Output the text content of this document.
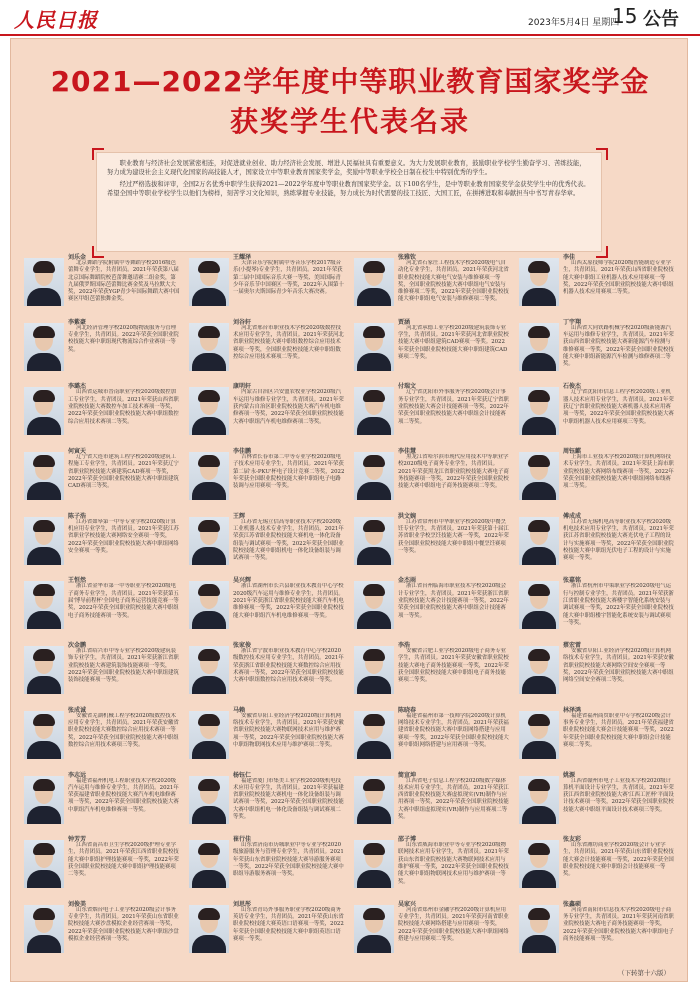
人民日报	2023年5月4日 星期四
15 公告
2021—2022学年度中等职业教育国家奖学金
获奖学生代表名录

职业教育与经济社会发展紧密相连，对促进就业创业、助力经济社会发展、增进人民福祉具有重要意义。为大力发展职业教育，鼓励职业学校学生勤奋学习、苦练技能，努力成为建设社会主义现代化国家的高技能人才，国家设立中等职业教育国家奖学金，奖励中等职业学校全日制在校生中特别优秀的学生。

经过严格选拔和评审，全国2万名优秀中职学生获得2021—2022学年度中等职业教育国家奖学金。以下100名学生，是中等职业教育国家奖学金获奖学生中的优秀代表。希望全国中等职业学校学生以他们为榜样，刻苦学习文化知识，熟练掌握专业技能，努力成长为时代需要的技工技匠、大国工匠，在拼搏进取和奉献担当中书写青春华章。

刘乐金
北京舞蹈学院附属中等舞蹈学校2016级芭蕾舞专业学生，共青团员。2021年荣获第八届北京国际舞蹈院校芭蕾舞邀请赛二组金奖，第九届俄罗斯国际芭蕾舞比赛金奖及马拉默大大奖，2022年荣获YGP青少年国际舞蹈大赛中国赛区甲组芭蕾独舞金奖。
王耀泽
天津音乐学院附属中等音乐学校2017级音乐(小提琴)专业学生，共青团员。2021年荣获第二届中国国际音乐大赛一等奖、美国国际青少年音乐节中国赛区一等奖，2022年入围第十一届奥尔夫斯国际青少年音乐大赛决赛。
张雅钦
河北省石家庄工程技术学校2020级电气自动化专业学生，共青团员。2021年荣获河北省职业院校技能大赛电气安装与维修赛项一等奖，全国职业院校技能大赛中职组电气安装与维修赛项二等奖，2022年荣获全国职业院校技能大赛中职组电气安装与维修赛项二等奖。
李佳
山西太原技师学院2020级智能制造专业学生，共青团员。2021年荣获山西省职业院校技能大赛中职组工业机器人技术应用赛项一等奖，2022年荣获全国职业院校技能大赛中职组机器人技术应用赛项二等奖。
李紫豪
河北经济管理学校2020级物流服务与管理专业学生，共青团员。2022年荣获全国职业院校技能大赛中职组现代物流综合作业赛项一等奖。
刘谷轩
河北省邢台市职业技术学校2020级数控技术应用专业学生，共青团员。2021年荣获河北省职业院校技能大赛中职组数控综合应用技术赛项一等奖，全国职业院校技能大赛中职组数控综合应用技术赛项二等奖。
贾涵
河北省承德工业学校2020级建筑装饰专业学生，共青团员。2021年荣获河北省职业院校技能大赛中职组建筑CAD赛项一等奖。2022年荣获全国职业院校技能大赛中职组建筑CAD赛项二等奖。
丁宇翔
山西省大同铁路机械学校2020级新能源汽车运用与维修专业学生，共青团员。2021年荣获山西省职业院校技能大赛新能源汽车检测与维修赛项一等奖，2022年荣获全国职业院校技能大赛中职组新能源汽车检测与维修赛项二等奖。
李璐杰
山西省运城市晋南职业学校2020级数控加工专业学生，共青团员。2021年荣获山西省职业院校技能大赛数控车加工技术赛项一等奖，2022年荣获全国职业院校技能大赛中职组数控综合应用技术赛项二等奖。
康明轩
内蒙古自治区兴安盟农牧业学校2020级汽车运用与维修专业学生，共青团员。2021年荣获内蒙古自治区职业院校技能大赛汽车机电维修赛项一等奖，2022年荣获全国职业院校技能大赛中职组汽车机电维修赛项二等奖。
付瑞文
辽宁省沈阳市外事服务学校2020级会计事务专业学生，共青团员。2021年荣获辽宁省职业院校技能大赛会计技能赛项一等奖，2022年荣获全国职业院校技能大赛中职组会计技能赛项二等奖。
石俊杰
辽宁省沈阳市信息工程学校2020级工业机器人技术应用专业学生，共青团员。2021年荣获辽宁省职业院校技能大赛机器人技术应用赛项一等奖，2022年荣获全国职业院校技能大赛中职组机器人技术应用赛项三等奖。
何寅天
辽宁省大连市建筑工程学校2020级建筑工程施工专业学生，共青团员。2021年荣获辽宁省职业院校技能大赛建筑CAD赛项一等奖，2022年荣获全国职业院校技能大赛中职组建筑CAD赛项三等奖。
李佳鹏
吉林省长春市第二中等专业学校2020级电子技术应用专业学生，共青团员。2021年荣获第二届'永-PKU'杯电子设计竞赛二等奖，2022年荣获全国职业院校技能大赛中职组电子电路装调与应用赛项一等奖。
李佳慧
黑龙江省哈尔滨市现代应用技术中等职业学校2020级电子商务专业学生，共青团员。2021年荣获黑龙江省职业院校技能大赛电子商务技能赛项一等奖，2022年荣获全国职业院校技能大赛中职组电子商务技能赛项二等奖。
周钰麒
上海市工业技术学校2020级计算机网络技术专业学生，共青团员。2021年荣获上海市职业院校技能大赛网络布线赛项一等奖，2022年荣获全国职业院校技能大赛中职组网络布线赛项二等奖。
陈子浩
江苏省如皋第一中等专业学校2020级计算机应用专业学生，共青团员。2021年荣获江苏省职业学校技能大赛网络安全赛项一等奖，2022年荣获全国职业院校技能大赛中职组网络安全赛项一等奖。
王辉
江苏省无锡立信高等职业技术学校2020级工业机器人技术专业学生，共青团员。2021年荣获江苏省职业院校技能大赛机电一体化设备组装与调试赛项一等奖，2022年荣获全国职业院校技能大赛中职组机电一体化设备组装与调试赛项一等奖。
洪文婉
江苏省常州市中华职业学校2020级中餐烹饪专业学生，共青团员。2021年荣获第十届江苏省职业学校烹饪技能大赛一等奖，2022年荣获全国职业院校技能大赛中职组中餐烹饪赛项一等奖。
傅成成
江苏省无锡机电高等职业技术学校2020级机电技术应用专业学生，共青团员。2021年荣获江苏省职业院校技能大赛光伏电子工程的设计与实施赛项一等奖，2022年荣获全国职业院校技能大赛中职组光伏电子工程的设计与实施赛项一等奖。
王恒然
浙江省金华市第一中等职业学校2020级电子商务专业学生，共青团员。2021年荣获第五届'博导前程杯'全国电子商务运营技能竞赛一等奖，2022年荣获全国职业院校技能大赛中职组电子商务技能赛项一等奖。
吴兴辉
浙江省湖州市长兴县职业技术教育中心学校2020级汽车运用与维修专业学生，共青团员。2021年荣获浙江省职业院校技能大赛汽车机电维修赛项一等奖，2022年荣获全国职业院校技能大赛中职组汽车机电维修赛项一等奖。
金杰雨
浙江省台州临海市职业技术学校2020级会计专业学生，共青团员。2021年荣获浙江省职业院校技能大赛会计技能赛项一等奖，2022年荣获全国职业院校技能大赛中职组会计技能赛项一等奖。
张嘉铭
浙江省杭州市中策职业学校2020级电气运行与控制专业学生，共青团员。2021年荣获浙江省职业院校技能大赛楼宇智能化系统安装与调试赛项一等奖，2022年荣获全国职业院校技能大赛中职组楼宇智能化系统安装与调试赛项一等奖。
次金鹏
浙江省绍兴市中等专业学校2020级建筑装饰专业学生，共青团员。2021年荣获浙江省职业院校技能大赛建筑装饰技能赛项一等奖，2022年荣获全国职业院校技能大赛中职组建筑装饰技能赛项一等奖。
张家俊
浙江省宁波市职业技术教育中心学校2020级数控技术应用专业学生，共青团员。2021年荣获浙江省职业院校技能大赛数控综合应用技术赛项一等奖，2022年荣获全国职业院校技能大赛中职组数控综合应用技术赛项一等奖。
李浩
安徽省合肥工业学校2020级电子商务专业学生，共青团员。2021年荣获安徽省职业院校技能大赛电子商务技能赛项一等奖，2022年荣获全国职业院校技能大赛中职组电子商务技能赛项二等奖。
蔡宏雷
安徽省阜阳工业经济学校2020级计算机网络技术专业学生，共青团员。2021年荣获安徽省职业院校技能大赛网络空间安全赛项一等奖，2022年荣获全国职业院校技能大赛中职组网络空间安全赛项二等奖。
张成诚
安徽省芜湖机械工程学校2020级数控技术应用专业学生，共青团员。2021年荣获安徽省职业院校技能大赛数控综合应用技术赛项一等奖，2022年荣获全国职业院校技能大赛中职组数控综合应用技术赛项三等奖。
马赖
安徽省阜阳工业经济学校2020级计算机网络技术专业学生，共青团员。2021年荣获安徽省职业院校技能大赛物联网技术应用与维护赛项一等奖，2022年荣获全国职业院校技能大赛中职组物联网技术应用与维护赛项二等奖。
陈晓春
福建省福州市第一技师学院2020级计算机网络技术专业学生，共青团员。2021年荣获福建省职业院校技能大赛中职组网络搭建与应用赛项一等奖，2022年荣获全国职业院校技能大赛中职组网络搭建与应用赛项一等奖。
林泽鸿
福建省福州商贸职业中专学校2020级会计事务专业学生，共青团员。2021年荣获福建省职业院校技能大赛会计技能赛项一等奖，2022年荣获全国职业院校技能大赛中职组会计技能赛项二等奖。
李志远
福建省福州机电工程职业技术学校2020级汽车运用与维修专业学生，共青团员。2021年荣获福建省职业院校技能大赛汽车机电维修赛项一等奖，2022年荣获全国职业院校技能大赛中职组汽车机电维修赛项一等奖。
杨钰仁
福建省厦门市集美工业学校2020级机电技术应用专业学生，共青团员。2021年荣获福建省职业院校技能大赛机电一体化设备组装与调试赛项一等奖，2022年荣获全国职业院校技能大赛中职组机电一体化设备组装与调试赛项二等奖。
简宣坤
江西省电子信息工程学校2020级数字媒体技术应用专业学生，共青团员。2021年荣获江西省职业院校技能大赛虚拟现实(VR)制作与应用赛项一等奖，2022年荣获全国职业院校技能大赛中职组虚拟现实(VR)制作与应用赛项二等奖。
姚源
江西省赣州市电子工业技术学校2020级计算机平面设计专业学生，共青团员。2021年荣获江西省职业院校技能大赛'江西工匠杯'平面设计技术赛项一等奖，2022年荣获全国职业院校技能大赛中职组平面设计技术赛项三等奖。
钟芳芳
江西省南昌市卫生学校2020级护理专业学生，共青团员。2021年荣获江西省职业院校技能大赛中职组护理技能赛项一等奖，2022年荣获全国职业院校技能大赛中职组护理技能赛项二等奖。
崔行佳
山东省济南市历城职业中等专业学校2020级旅游服务与管理专业学生，共青团员。2021年荣获山东省职业院校技能大赛导游服务赛项一等奖，2022年荣获全国职业院校技能大赛中职组导游服务赛项一等奖。
邵子博
山东省威海市职业中等专业学校2020级物联网技术应用专业学生，共青团员。2021年荣获山东省职业院校技能大赛物联网技术应用与维护赛项一等奖，2022年荣获全国职业院校技能大赛中职组物联网技术应用与维护赛项一等奖。
张友彩
山东省潍坊商业学校2020级会计专业学生，共青团员。2021年荣获山东省职业院校技能大赛会计技能赛项一等奖，2022年荣获全国职业院校技能大赛中职组会计技能赛项一等奖。
刘俊美
山东省烟台电子工业学校2020级会计事务专业学生，共青团员。2021年荣获山东省职业院校技能大赛沙盘模拟企业经营赛项一等奖，2022年荣获全国职业院校技能大赛中职组沙盘模拟企业经营赛项一等奖。
刘思彤
山东省青岛外事服务职业学校2020级商务英语专业学生，共青团员。2021年荣获山东省职业院校技能大赛英语口语赛项一等奖，2022年荣获全国职业院校技能大赛中职组英语口语赛项一等奖。
吴家兴
河南省郑州市金融学校2020级计算机应用专业学生，共青团员。2021年荣获河南省职业院校技能大赛网络搭建与应用赛项一等奖，2022年荣获全国职业院校技能大赛中职组网络搭建与应用赛项二等奖。
张鑫硕
河南省南阳市信息技术学校2020级电子商务专业学生，共青团员。2021年荣获河南省职业院校技能大赛电子商务技能赛项一等奖，2022年荣获全国职业院校技能大赛中职组电子商务技能赛项一等奖。
（下转第十六版）
